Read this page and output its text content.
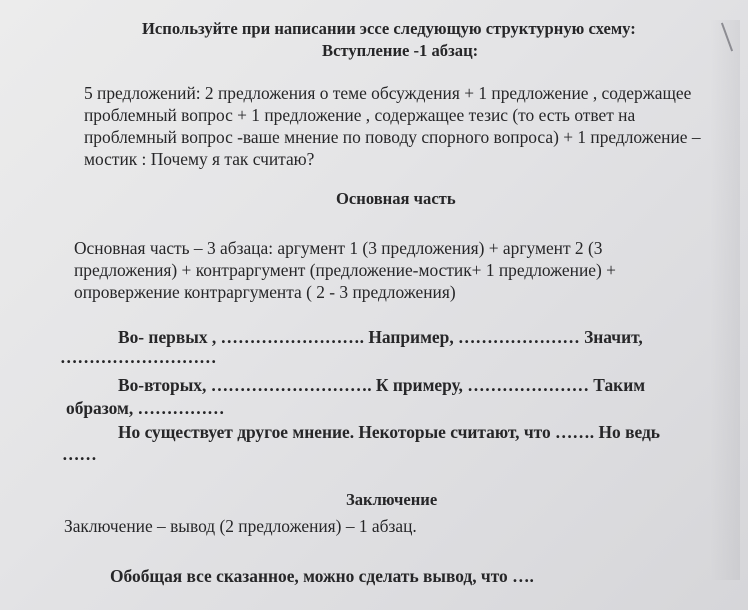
Используйте при написании эссе следующую структурную схему:
Вступление -1 абзац:
5 предложений: 2 предложения о теме обсуждения + 1 предложение , содержащее
проблемный вопрос + 1 предложение , содержащее тезис (то есть ответ на
проблемный вопрос -ваше мнение по поводу спорного вопроса) + 1 предложение –
мостик : Почему я так считаю?
Основная часть
Основная часть – 3 абзаца: аргумент 1 (3 предложения) + аргумент 2 (3
предложения) + контраргумент (предложение-мостик+ 1 предложение) +
опровержение контраргумента ( 2 - 3 предложения)
Во- первых , ……………………. Например, ………………… Значит,
………………………
Во-вторых, ………………………. К примеру, ………………… Таким
образом, ……………
Но существует другое мнение. Некоторые считают, что ……. Но ведь
……
Заключение
Заключение – вывод (2 предложения) – 1 абзац.
Обобщая все сказанное, можно сделать вывод, что ….
